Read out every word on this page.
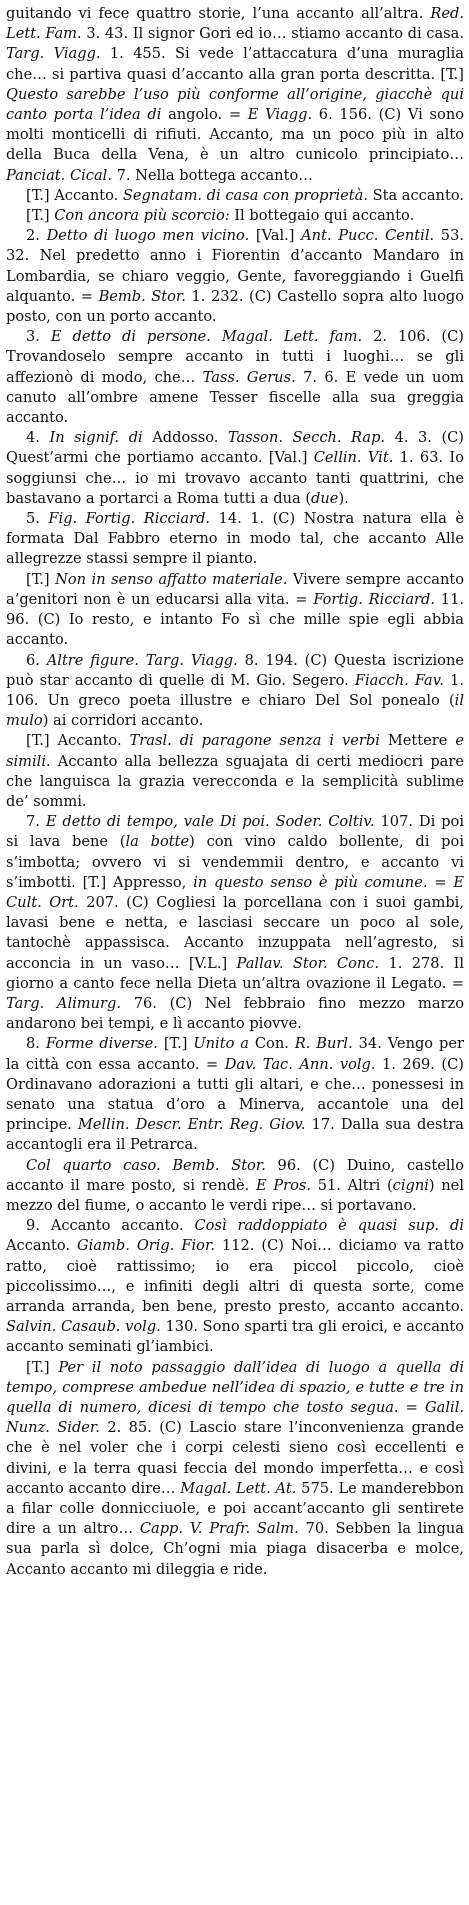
guitando vi fece quattro storie, l’una accanto all’altra. Red. Lett. Fam. 3. 43. Il signor Gori ed io… stiamo accanto di casa. Targ. Viagg. 1. 455. Si vede l’attaccatura d’una muraglia che… si partiva quasi d’accanto alla gran porta descritta. [T.] Questo sarebbe l’uso più conforme all’origine, giacchè qui canto porta l’idea di angolo. = E Viagg. 6. 156. (C) Vi sono molti monticelli di rifiuti. Accanto, ma un poco più in alto della Buca della Vena, è un altro cunicolo principiato… Panciat. Cical. 7. Nella bottega accanto…

[T.] Accanto. Segnatam. di casa con proprietà. Sta accanto.

[T.] Con ancora più scorcio: Il bottegaio qui accanto.

2. Detto di luogo men vicino. [Val.] Ant. Pucc. Centil. 53. 32. Nel predetto anno i Fiorentin d’accanto Mandaro in Lombardia, se chiaro veggio, Gente, favoreggiando i Guelfi alquanto. = Bemb. Stor. 1. 232. (C) Castello sopra alto luogo posto, con un porto accanto.

3. E detto di persone. Magal. Lett. fam. 2. 106. (C) Trovandoselo sempre accanto in tutti i luoghi… se gli affezionò di modo, che… Tass. Gerus. 7. 6. E vede un uom canuto all’ombre amene Tesser fiscelle alla sua greggia accanto.

4. In signif. di Addosso. Tasson. Secch. Rap. 4. 3. (C) Quest’armi che portiamo accanto. [Val.] Cellin. Vit. 1. 63. Io soggiunsi che… io mi trovavo accanto tanti quattrini, che bastavano a portarci a Roma tutti a dua (due).

5. Fig. Fortig. Ricciard. 14. 1. (C) Nostra natura ella è formata Dal Fabbro eterno in modo tal, che accanto Alle allegrezze stassi sempre il pianto.

[T.] Non in senso affatto materiale. Vivere sempre accanto a’genitori non è un educarsi alla vita. = Fortig. Ricciard. 11. 96. (C) Io resto, e intanto Fo sì che mille spie egli abbia accanto.

6. Altre figure. Targ. Viagg. 8. 194. (C) Questa iscrizione può star accanto di quelle di M. Gio. Segero. Fiacch. Fav. 1. 106. Un greco poeta illustre e chiaro Del Sol ponealo (il mulo) ai corridori accanto.

[T.] Accanto. Trasl. di paragone senza i verbi Mettere e simili. Accanto alla bellezza sguajata di certi mediocri pare che languisca la grazia verecconda e la semplicità sublime de’ sommi.

7. E detto di tempo, vale Di poi. Soder. Coltiv. 107. Di poi si lava bene (la botte) con vino caldo bollente, di poi s’imbotta; ovvero vi si vendemmii dentro, e accanto vi s’imbotti. [T.] Appresso, in questo senso è più comune. = E Cult. Ort. 207. (C) Cogliesi la porcellana con i suoi gambi, lavasi bene e netta, e lasciasi seccare un poco al sole, tantochè appassisca. Accanto inzuppata nell’agresto, si acconcia in un vaso… [V.L.] Pallav. Stor. Conc. 1. 278. Il giorno a canto fece nella Dieta un’altra ovazione il Legato. = Targ. Alimurg. 76. (C) Nel febbraio fino mezzo marzo andarono bei tempi, e lì accanto piovve.

8. Forme diverse. [T.] Unito a Con. R. Burl. 34. Vengo per la città con essa accanto. = Dav. Tac. Ann. volg. 1. 269. (C) Ordinavano adorazioni a tutti gli altari, e che… ponessesi in senato una statua d’oro a Minerva, accantole una del principe. Mellin. Descr. Entr. Reg. Giov. 17. Dalla sua destra accantogli era il Petrarca.

Col quarto caso. Bemb. Stor. 96. (C) Duino, castello accanto il mare posto, si rendè. E Pros. 51. Altri (cigni) nel mezzo del fiume, o accanto le verdi ripe… si portavano.

9. Accanto accanto. Così raddoppiato è quasi sup. di Accanto. Giamb. Orig. Fior. 112. (C) Noi… diciamo va ratto ratto, cioè rattissimo; io era piccol piccolo, cioè piccolissimo…, e infiniti degli altri di questa sorte, come arranda arranda, ben bene, presto presto, accanto accanto. Salvin. Casaub. volg. 130. Sono sparti tra gli eroici, e accanto accanto seminati gl’iambici.

[T.] Per il noto passaggio dall’idea di luogo a quella di tempo, comprese ambedue nell’idea di spazio, e tutte e tre in quella di numero, dicesi di tempo che tosto segua. = Galil. Nunz. Sider. 2. 85. (C) Lascio stare l’inconvenienza grande che è nel voler che i corpi celesti sieno così eccellenti e divini, e la terra quasi feccia del mondo imperfetta… e così accanto accanto dire… Magal. Lett. At. 575. Le manderebbon a filar colle donnicciuole, e poi accant’accanto gli sentirete dire a un altro… Capp. V. Prafr. Salm. 70. Sebben la lingua sua parla sì dolce, Ch’ogni mia piaga disacerba e molce, Accanto accanto mi dileggia e ride.
